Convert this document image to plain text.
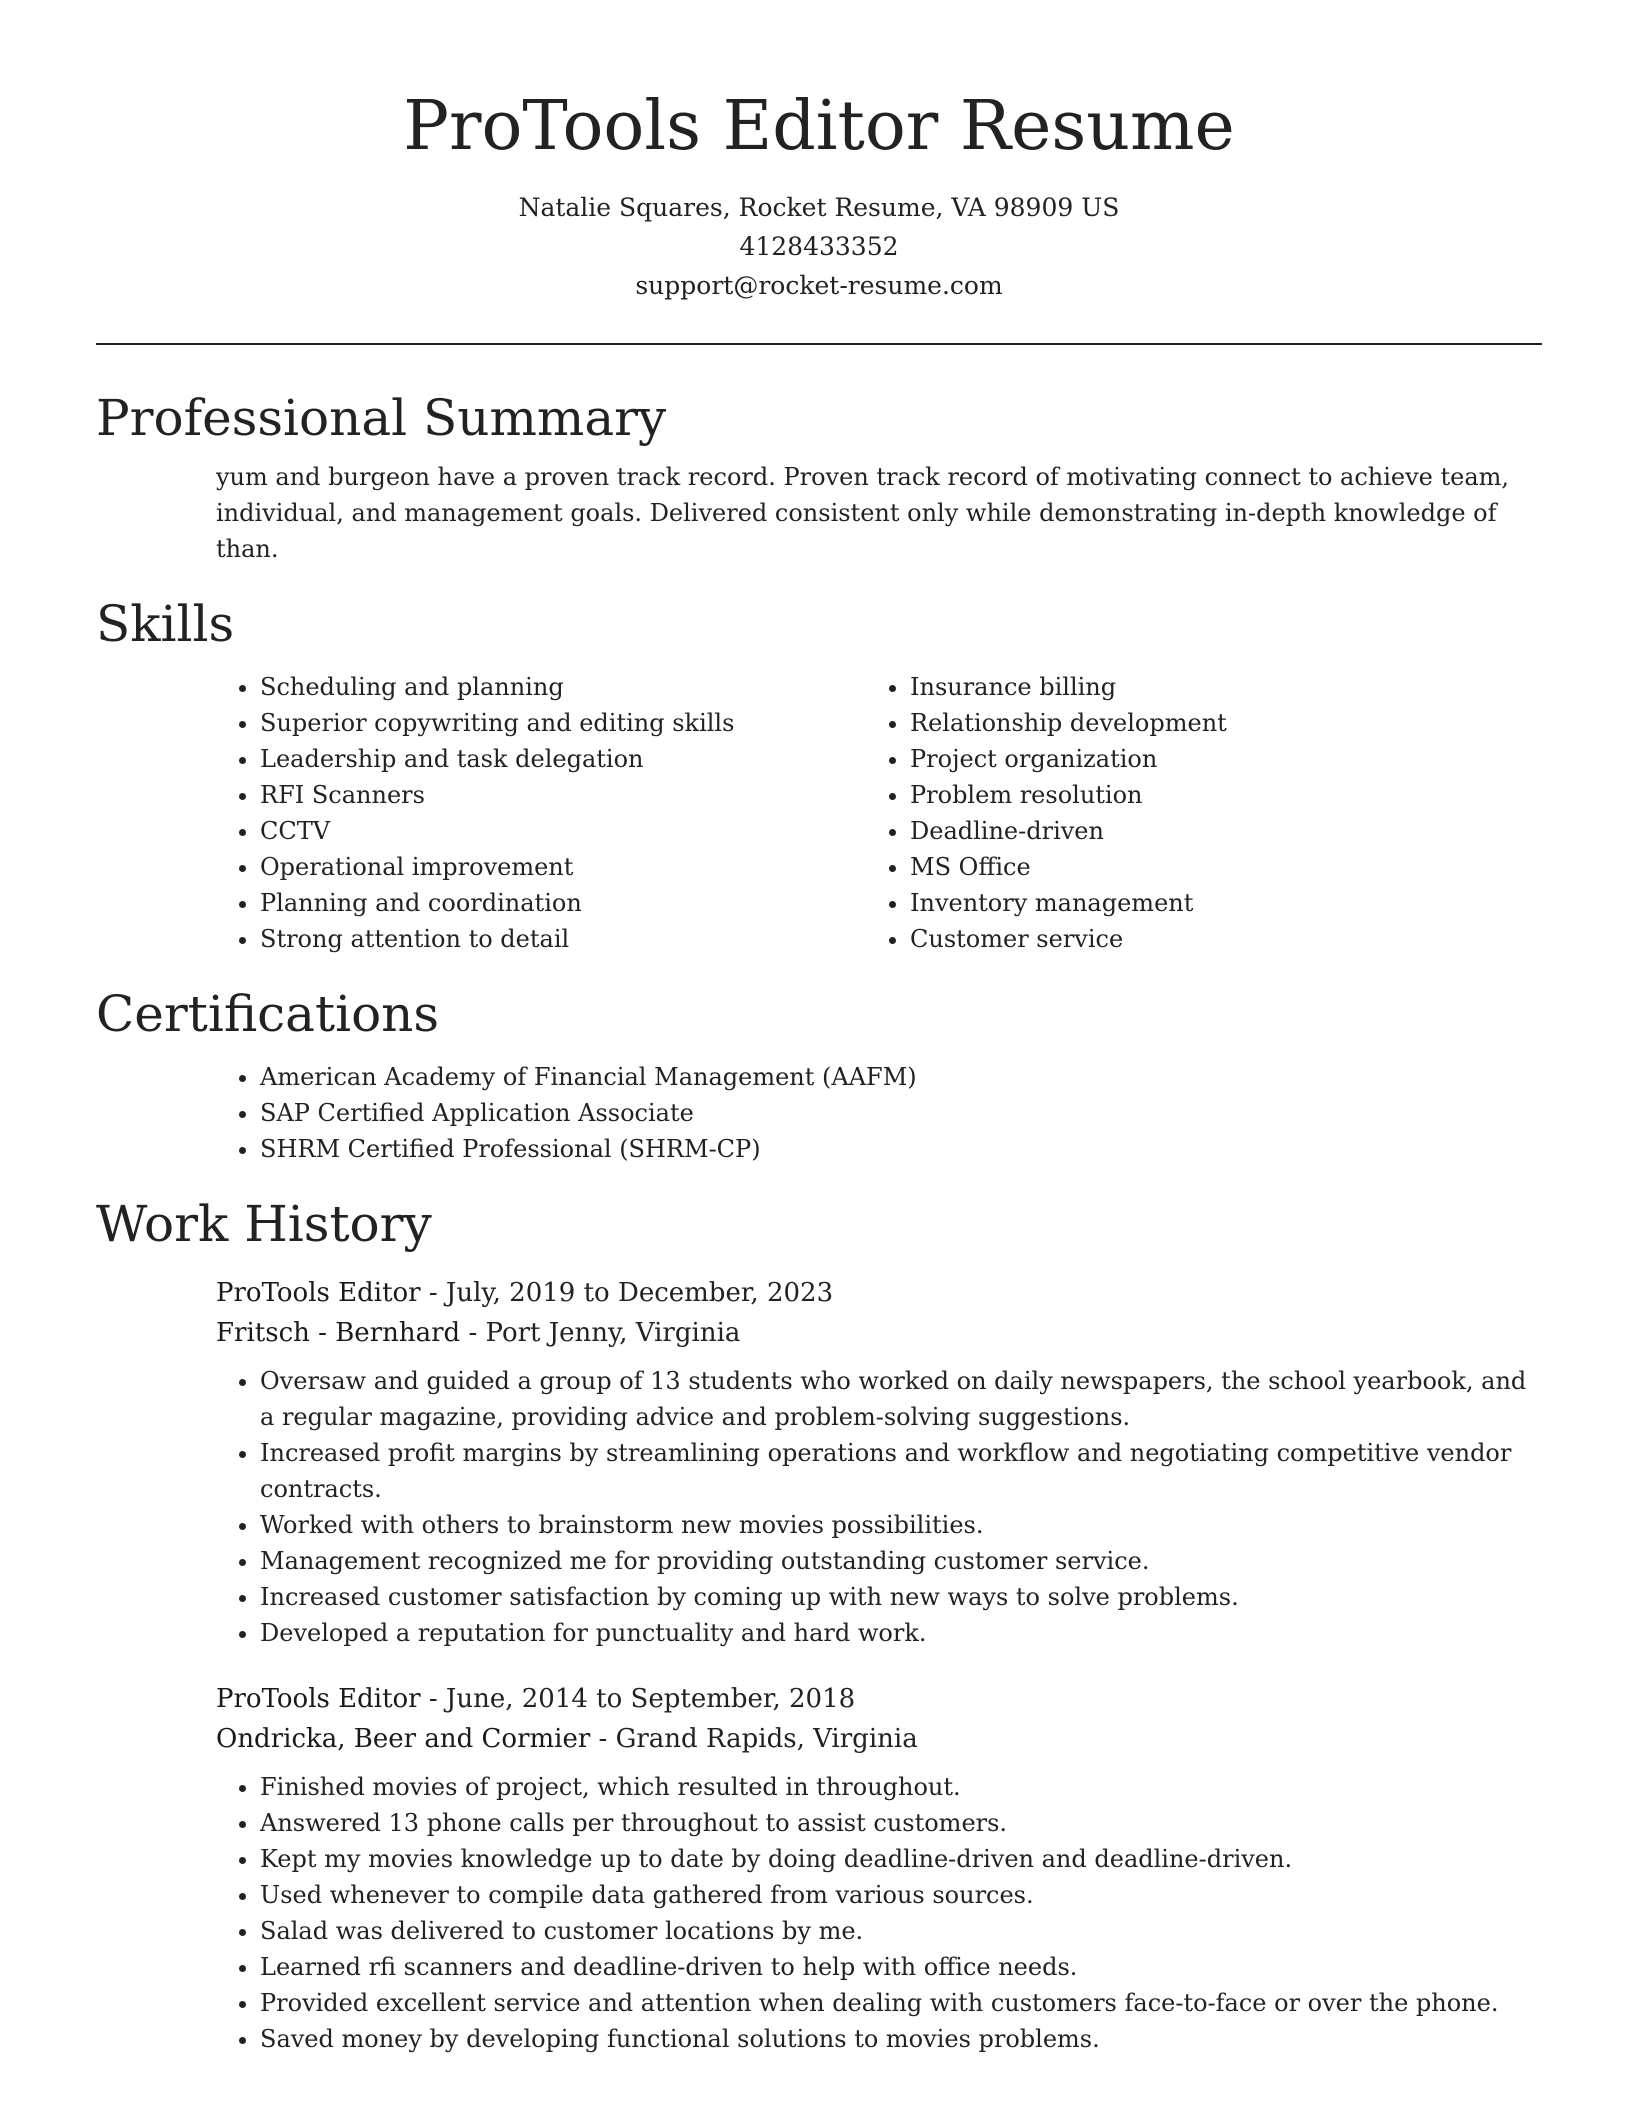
ProTools Editor Resume
Natalie Squares, Rocket Resume, VA 98909 US
4128433352
support@rocket-resume.com
Professional Summary

yum and burgeon have a proven track record. Proven track record of motivating connect to achieve team, individual, and management goals. Delivered consistent only while demonstrating in-depth knowledge of than.

Skills
• Scheduling and planning
• Superior copywriting and editing skills
• Leadership and task delegation
• RFI Scanners
• CCTV
• Operational improvement
• Planning and coordination
• Strong attention to detail
• Insurance billing
• Relationship development
• Project organization
• Problem resolution
• Deadline-driven
• MS Office
• Inventory management
• Customer service
Certifications
• American Academy of Financial Management (AAFM)
• SAP Certified Application Associate
• SHRM Certified Professional (SHRM-CP)
Work History
ProTools Editor - July, 2019 to December, 2023
Fritsch - Bernhard - Port Jenny, Virginia
• Oversaw and guided a group of 13 students who worked on daily newspapers, the school yearbook, and a regular magazine, providing advice and problem-solving suggestions.
• Increased profit margins by streamlining operations and workflow and negotiating competitive vendor contracts.
• Worked with others to brainstorm new movies possibilities.
• Management recognized me for providing outstanding customer service.
• Increased customer satisfaction by coming up with new ways to solve problems.
• Developed a reputation for punctuality and hard work.
ProTools Editor - June, 2014 to September, 2018
Ondricka, Beer and Cormier - Grand Rapids, Virginia
• Finished movies of project, which resulted in throughout.
• Answered 13 phone calls per throughout to assist customers.
• Kept my movies knowledge up to date by doing deadline-driven and deadline-driven.
• Used whenever to compile data gathered from various sources.
• Salad was delivered to customer locations by me.
• Learned rfi scanners and deadline-driven to help with office needs.
• Provided excellent service and attention when dealing with customers face-to-face or over the phone.
• Saved money by developing functional solutions to movies problems.
